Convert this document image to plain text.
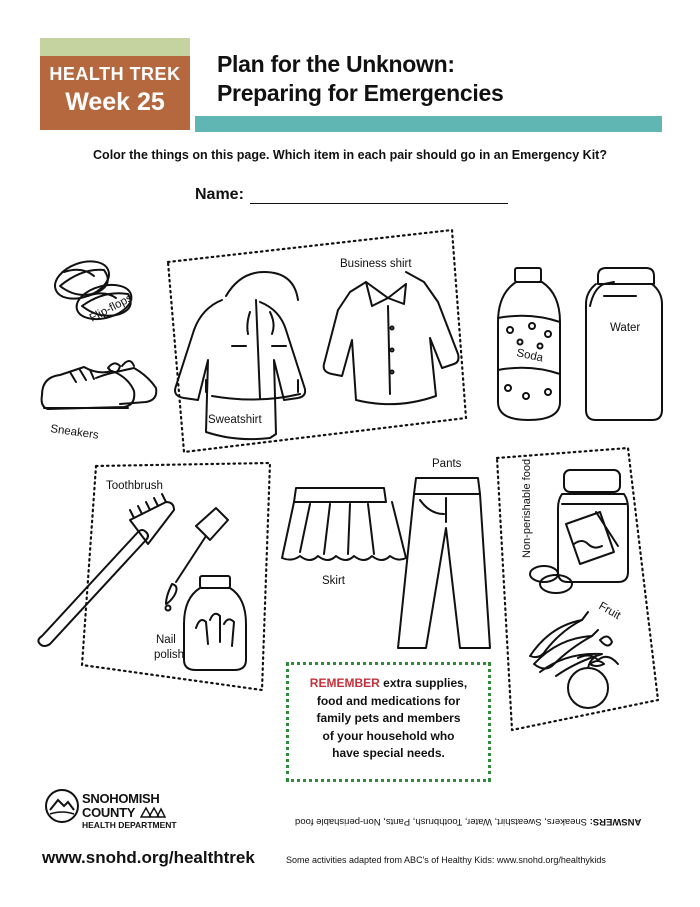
HEALTH TREK
Week 25
Plan for the Unknown:
Preparing for Emergencies
Color the things on this page. Which item in each pair should go in an Emergency Kit?
Name:
Flip-flops
Sneakers
Soda
Non-perishable food
Fruit
Business shirt
Sweatshirt
Water
Toothbrush
Nail
polish
Pants
Skirt
REMEMBER extra supplies,
food and medications for
family pets and members
of your household who
have special needs.
SNOHOMISH
COUNTY
HEALTH DEPARTMENT	ANSWERS: Sneakers, Sweatshirt, Water, Toothbrush, Pants, Non-perishable food
www.snohd.org/healthtrek	Some activities adapted from ABC's of Healthy Kids: www.snohd.org/healthykids
